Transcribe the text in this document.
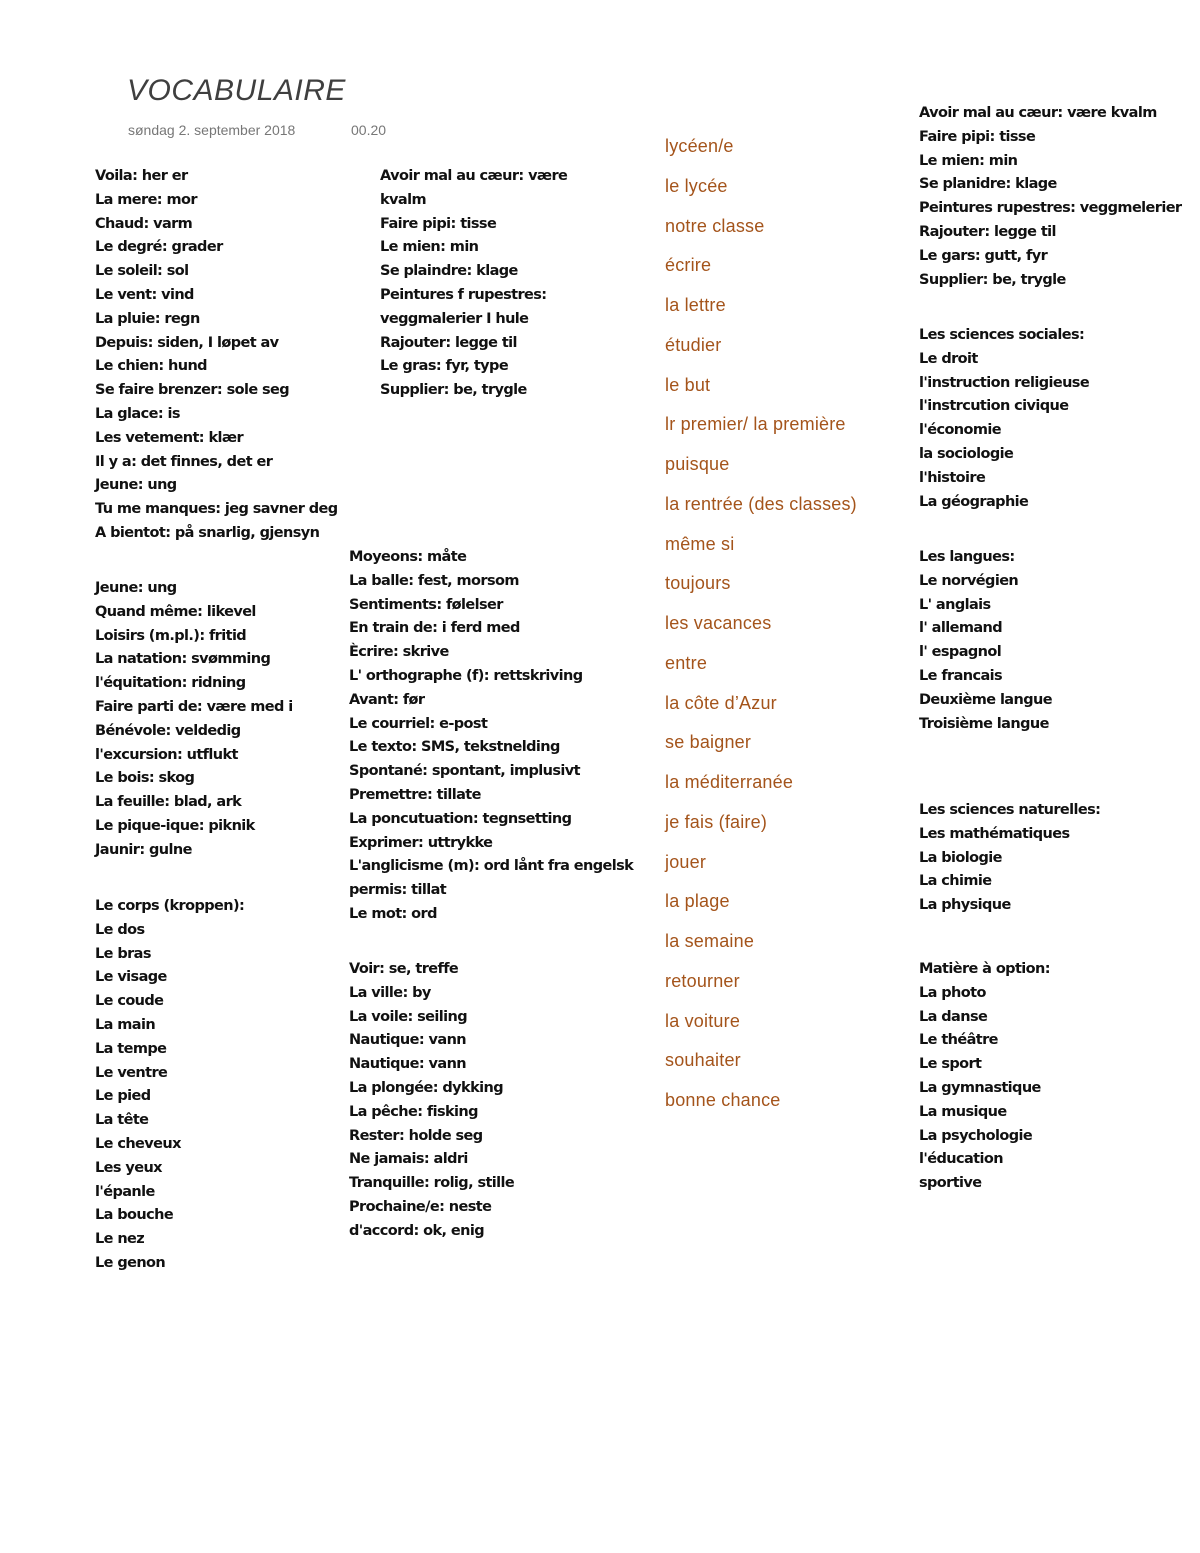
VOCABULAIRE
søndag 2. september 2018	00.20
Voila: her er
La mere: mor
Chaud: varm
Le degré: grader
Le soleil: sol
Le vent: vind
La pluie: regn
Depuis: siden, I løpet av
Le chien: hund
Se faire brenzer: sole seg
La glace: is
Les vetement: klær
Il y a: det finnes, det er
Jeune: ung
Tu me manques: jeg savner deg
A bientot: på snarlig, gjensyn
Jeune: ung
Quand même: likevel
Loisirs (m.pl.): fritid
La natation: svømming
l'équitation: ridning
Faire parti de: være med i
Bénévole: veldedig
l'excursion: utflukt
Le bois: skog
La feuille: blad, ark
Le pique-ique: piknik
Jaunir: gulne
Le corps (kroppen):
Le dos
Le bras
Le visage
Le coude
La main
La tempe
Le ventre
Le pied
La tête
Le cheveux
Les yeux
l'épanle
La bouche
Le nez
Le genon
Avoir mal au cæur: være
kvalm
Faire pipi: tisse
Le mien: min
Se plaindre: klage
Peintures f rupestres:
veggmalerier I hule
Rajouter: legge til
Le gras: fyr, type
Supplier: be, trygle
Moyeons: måte
La balle: fest, morsom
Sentiments: følelser
En train de: i ferd med
Ècrire: skrive
L' orthographe (f): rettskriving
Avant: før
Le courriel: e-post
Le texto: SMS, tekstnelding
Spontané: spontant, implusivt
Premettre: tillate
La poncutuation: tegnsetting
Exprimer: uttrykke
L'anglicisme (m): ord lånt fra engelsk
permis: tillat
Le mot: ord
Voir: se, treffe
La ville: by
La voile: seiling
Nautique: vann
Nautique: vann
La plongée: dykking
La pêche: fisking
Rester: holde seg
Ne jamais: aldri
Tranquille: rolig, stille
Prochaine/e: neste
d'accord: ok, enig
lycéen/e
le lycée
notre classe
écrire
la lettre
étudier
le but
lr premier/ la première
puisque
la rentrée (des classes)
même si
toujours
les vacances
entre
la côte d’Azur
se baigner
la méditerranée
je fais (faire)
jouer
la plage
la semaine
retourner
la voiture
souhaiter
bonne chance
Avoir mal au cæur: være kvalm
Faire pipi: tisse
Le mien: min
Se planidre: klage
Peintures rupestres: veggmelerier
Rajouter: legge til
Le gars: gutt, fyr
Supplier: be, trygle
Les sciences sociales:
Le droit
l'instruction religieuse
l'instrcution civique
l'économie
la sociologie
l'histoire
La géographie
Les langues:
Le norvégien
L' anglais
l' allemand
l' espagnol
Le francais
Deuxième langue
Troisième langue
Les sciences naturelles:
Les mathématiques
La biologie
La chimie
La physique
Matière à option:
La photo
La danse
Le théâtre
Le sport
La gymnastique
La musique
La psychologie
l'éducation
sportive
